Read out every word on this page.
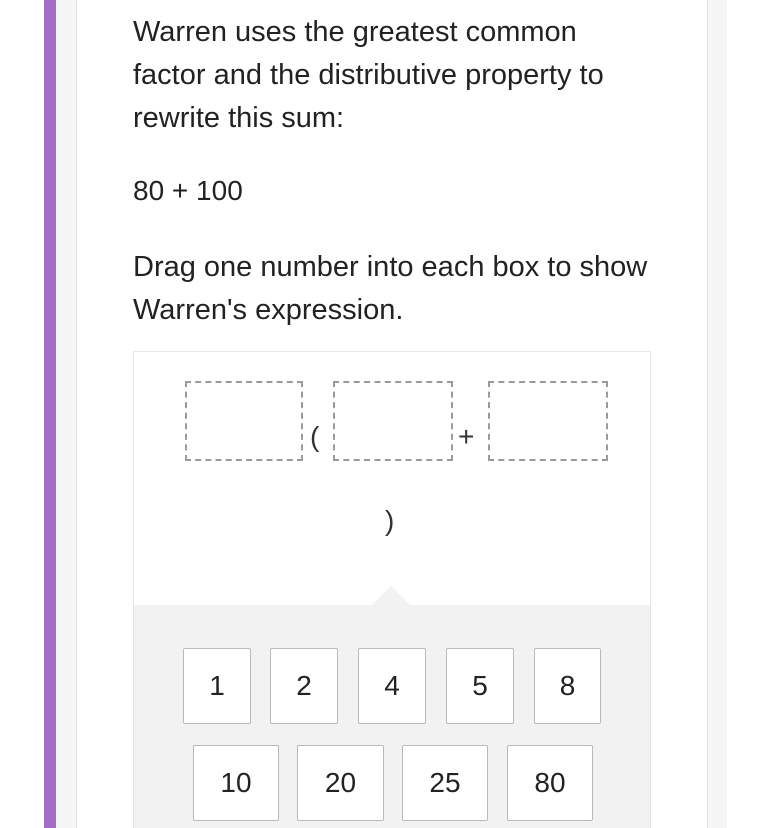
Warren uses the greatest common factor and the distributive property to rewrite this sum:

80 + 100

Drag one number into each box to show Warren's expression.

(	+
)
1	2	4	5	8
10	20	25	80
